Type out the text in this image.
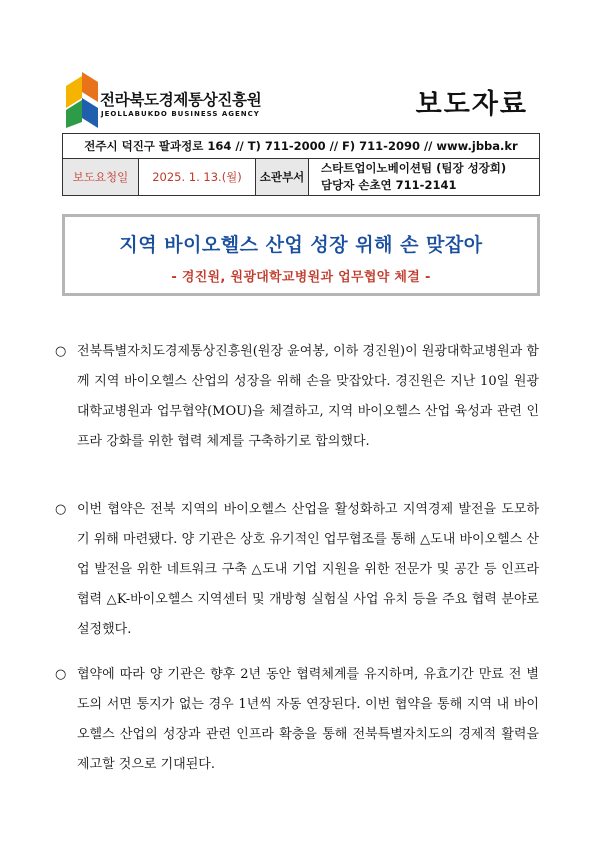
전라북도경제통상진흥원
JEOLLABUKDO BUSINESS AGENCY	보도자료
전주시 덕진구 팔과정로 164 // T) 711-2000 // F) 711-2090 // www.jbba.kr
보도요청일	2025. 1. 13.(월)	소관부서
스타트업이노베이션팀 (팀장 성장희)
담당자 손초연 711-2141
지역 바이오헬스 산업 성장 위해 손 맞잡아
- 경진원, 원광대학교병원과 업무협약 체결 -
○ 전북특별자치도경제통상진흥원(원장 윤여봉, 이하 경진원)이 원광대학교병원과 함께 지역 바이오헬스 산업의 성장을 위해 손을 맞잡았다. 경진원은 지난 10일 원광대학교병원과 업무협약(MOU)을 체결하고, 지역 바이오헬스 산업 육성과 관련 인프라 강화를 위한 협력 체계를 구축하기로 합의했다.
○ 이번 협약은 전북 지역의 바이오헬스 산업을 활성화하고 지역경제 발전을 도모하기 위해 마련됐다. 양 기관은 상호 유기적인 업무협조를 통해 △도내 바이오헬스 산업 발전을 위한 네트워크 구축 △도내 기업 지원을 위한 전문가 및 공간 등 인프라 협력 △K-바이오헬스 지역센터 및 개방형 실험실 사업 유치 등을 주요 협력 분야로 설정했다.
○ 협약에 따라 양 기관은 향후 2년 동안 협력체계를 유지하며, 유효기간 만료 전 별도의 서면 통지가 없는 경우 1년씩 자동 연장된다. 이번 협약을 통해 지역 내 바이오헬스 산업의 성장과 관련 인프라 확충을 통해 전북특별자치도의 경제적 활력을 제고할 것으로 기대된다.
